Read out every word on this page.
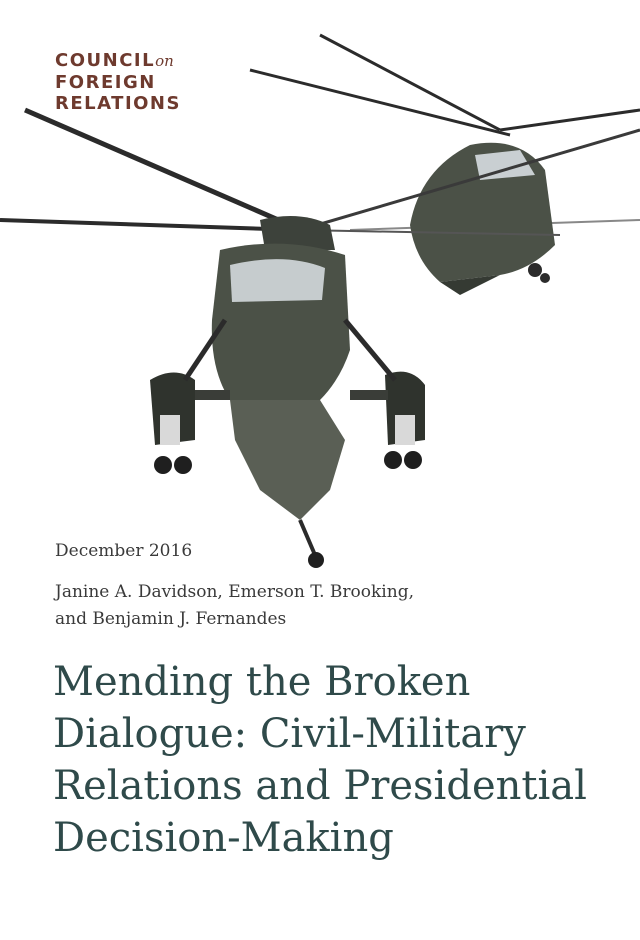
COUNCILon
FOREIGN
RELATIONS
December 2016
Janine A. Davidson, Emerson T. Brooking,
and Benjamin J. Fernandes
Mending the Broken
Dialogue: Civil-Military
Relations and Presidential
Decision-Making
